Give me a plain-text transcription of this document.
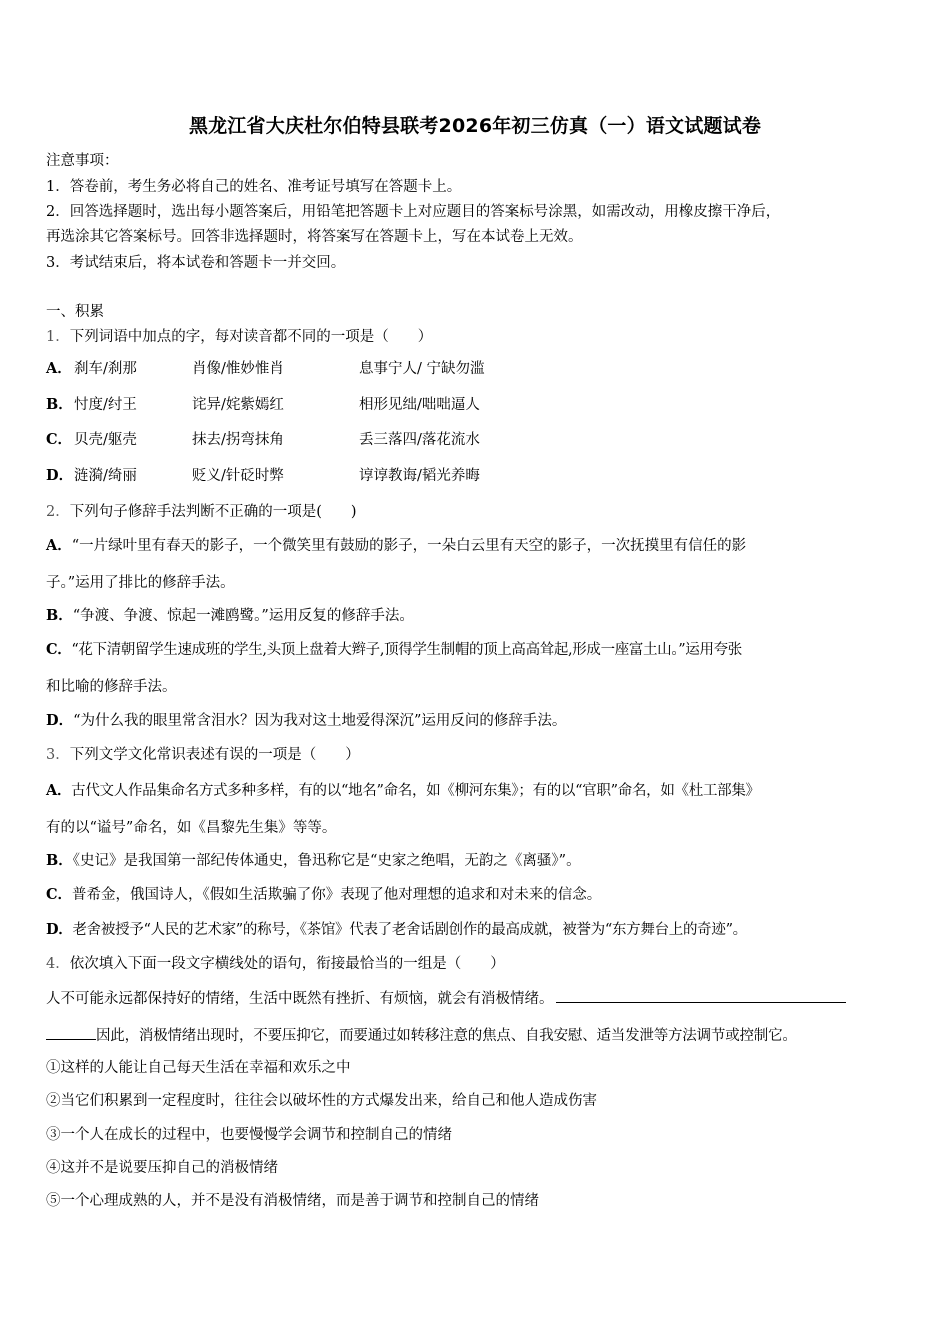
黑龙江省大庆杜尔伯特县联考2026年初三仿真（一）语文试题试卷
注意事项：
1．答卷前，考生务必将自己的姓名、准考证号填写在答题卡上。
2．回答选择题时，选出每小题答案后，用铅笔把答题卡上对应题目的答案标号涂黑，如需改动，用橡皮擦干净后，
再选涂其它答案标号。回答非选择题时，将答案写在答题卡上，写在本试卷上无效。
3．考试结束后，将本试卷和答题卡一并交回。
一、积累
1．下列词语中加点的字，每对读音都不同的一项是（　　）
A． 刹车/刹那	肖像/惟妙惟肖	息事宁人/ 宁缺勿滥
B． 忖度/纣王	诧异/姹紫嫣红	相形见绌/咄咄逼人
C． 贝壳/躯壳	抹去/拐弯抹角	丢三落四/落花流水
D． 涟漪/绮丽	贬义/针砭时弊	谆谆教诲/韬光养晦
2．下列句子修辞手法判断不正确的一项是(　　)
A．“一片绿叶里有春天的影子，一个微笑里有鼓励的影子，一朵白云里有天空的影子，一次抚摸里有信任的影
子。”运用了排比的修辞手法。
B．“争渡、争渡、惊起一滩鸥鹭。”运用反复的修辞手法。
C．“花下清朝留学生速成班的学生,头顶上盘着大辫子,顶得学生制帽的顶上高高耸起,形成一座富土山。”运用夸张
和比喻的修辞手法。
D．“为什么我的眼里常含泪水？因为我对这土地爱得深沉”运用反问的修辞手法。
3．下列文学文化常识表述有误的一项是（　　）
A．古代文人作品集命名方式多种多样，有的以“地名”命名，如《柳河东集》；有的以“官职”命名，如《杜工部集》
有的以“谥号”命名，如《昌黎先生集》等等。
B．《史记》是我国第一部纪传体通史，鲁迅称它是“史家之绝唱，无韵之《离骚》”。
C．普希金，俄国诗人，《假如生活欺骗了你》表现了他对理想的追求和对未来的信念。
D．老舍被授予“人民的艺术家”的称号，《茶馆》代表了老舍话剧创作的最高成就，被誉为“东方舞台上的奇迹”。
4．依次填入下面一段文字横线处的语句，衔接最恰当的一组是（　　）
人不可能永远都保持好的情绪，生活中既然有挫折、有烦恼，就会有消极情绪。
因此，消极情绪出现时，不要压抑它，而要通过如转移注意的焦点、自我安慰、适当发泄等方法调节或控制它。
①这样的人能让自己每天生活在幸福和欢乐之中
②当它们积累到一定程度时，往往会以破坏性的方式爆发出来，给自己和他人造成伤害
③一个人在成长的过程中，也要慢慢学会调节和控制自己的情绪
④这并不是说要压抑自己的消极情绪
⑤一个心理成熟的人，并不是没有消极情绪，而是善于调节和控制自己的情绪
